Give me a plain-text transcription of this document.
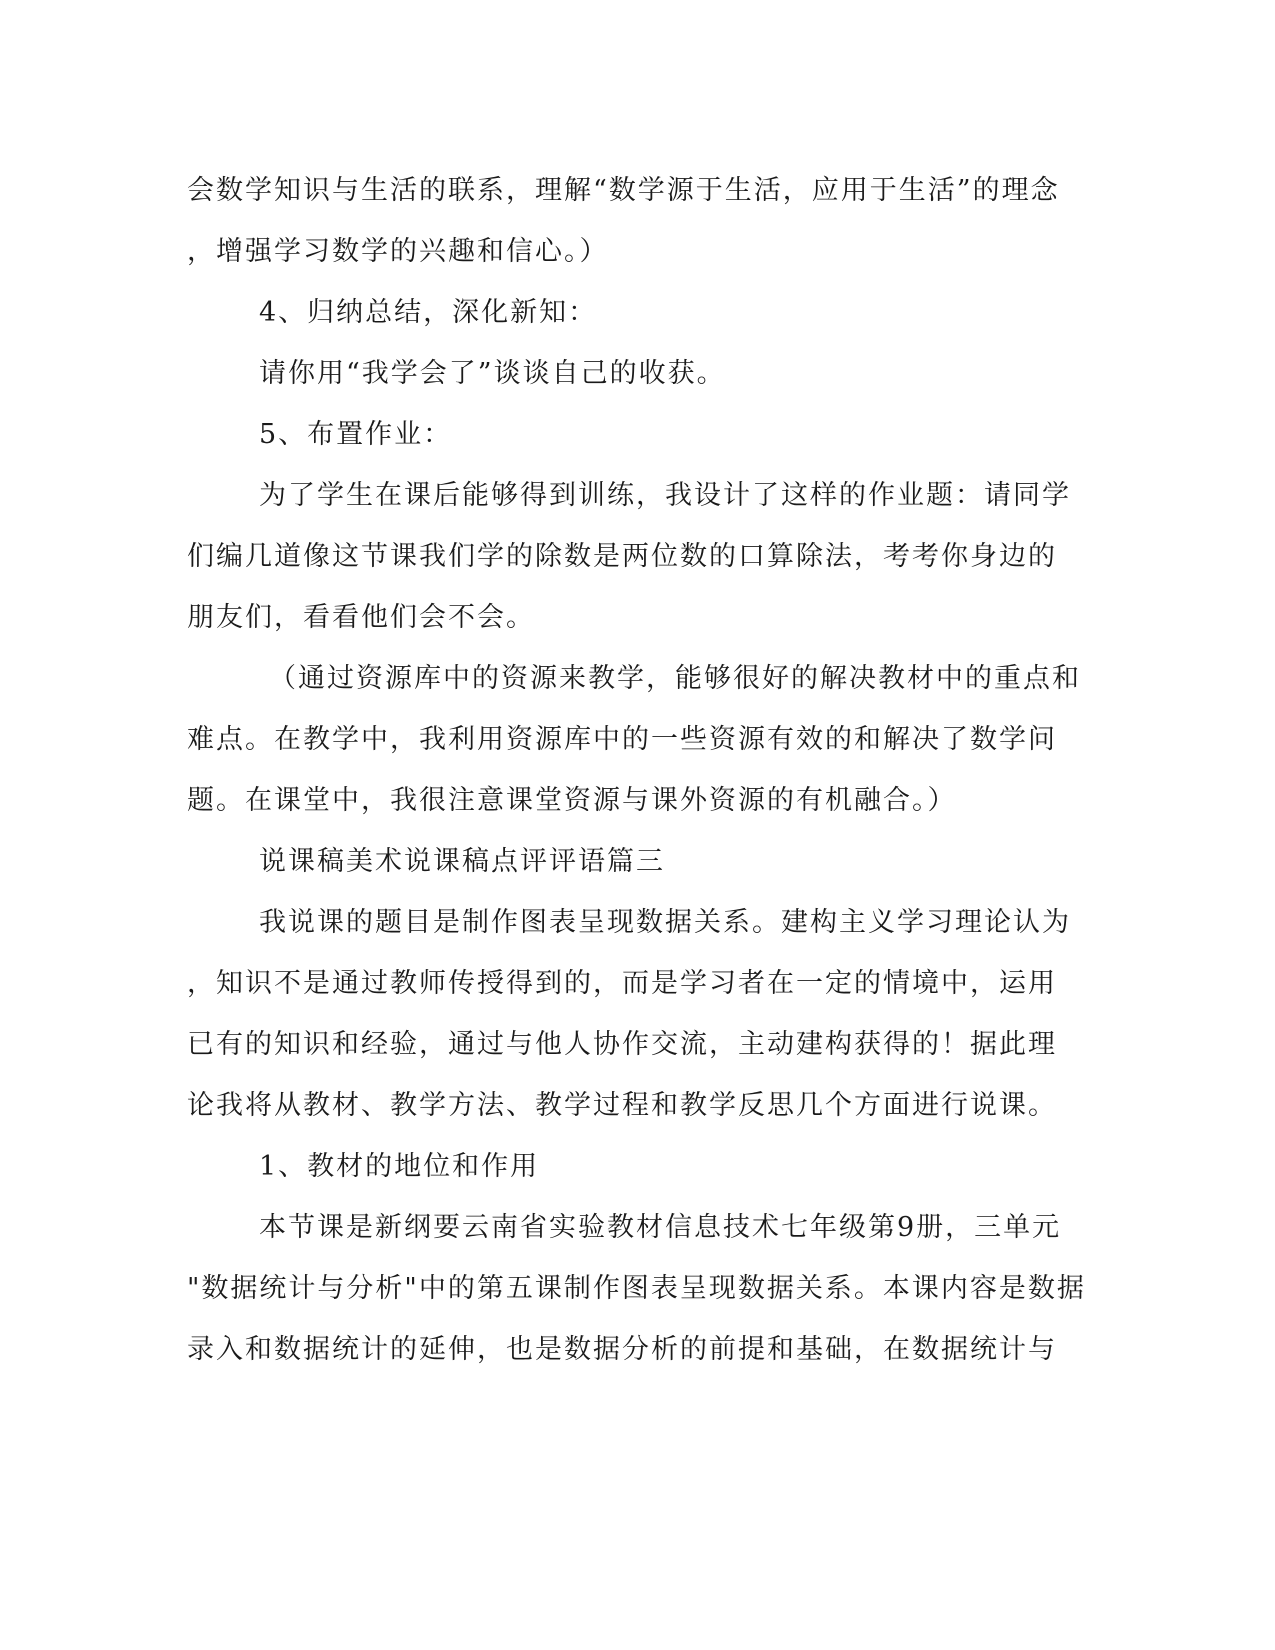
会数学知识与生活的联系，理解“数学源于生活，应用于生活”的理念
，增强学习数学的兴趣和信心。）
4、归纳总结，深化新知：
请你用“我学会了”谈谈自己的收获。
5、布置作业：
为了学生在课后能够得到训练，我设计了这样的作业题：请同学
们编几道像这节课我们学的除数是两位数的口算除法，考考你身边的
朋友们，看看他们会不会。
（通过资源库中的资源来教学，能够很好的解决教材中的重点和
难点。在教学中，我利用资源库中的一些资源有效的和解决了数学问
题。在课堂中，我很注意课堂资源与课外资源的有机融合。）
说课稿美术说课稿点评评语篇三
我说课的题目是制作图表呈现数据关系。建构主义学习理论认为
，知识不是通过教师传授得到的，而是学习者在一定的情境中，运用
已有的知识和经验，通过与他人协作交流，主动建构获得的！据此理
论我将从教材、教学方法、教学过程和教学反思几个方面进行说课。
1、教材的地位和作用
本节课是新纲要云南省实验教材信息技术七年级第9册，三单元
"数据统计与分析"中的第五课制作图表呈现数据关系。本课内容是数据
录入和数据统计的延伸，也是数据分析的前提和基础，在数据统计与
